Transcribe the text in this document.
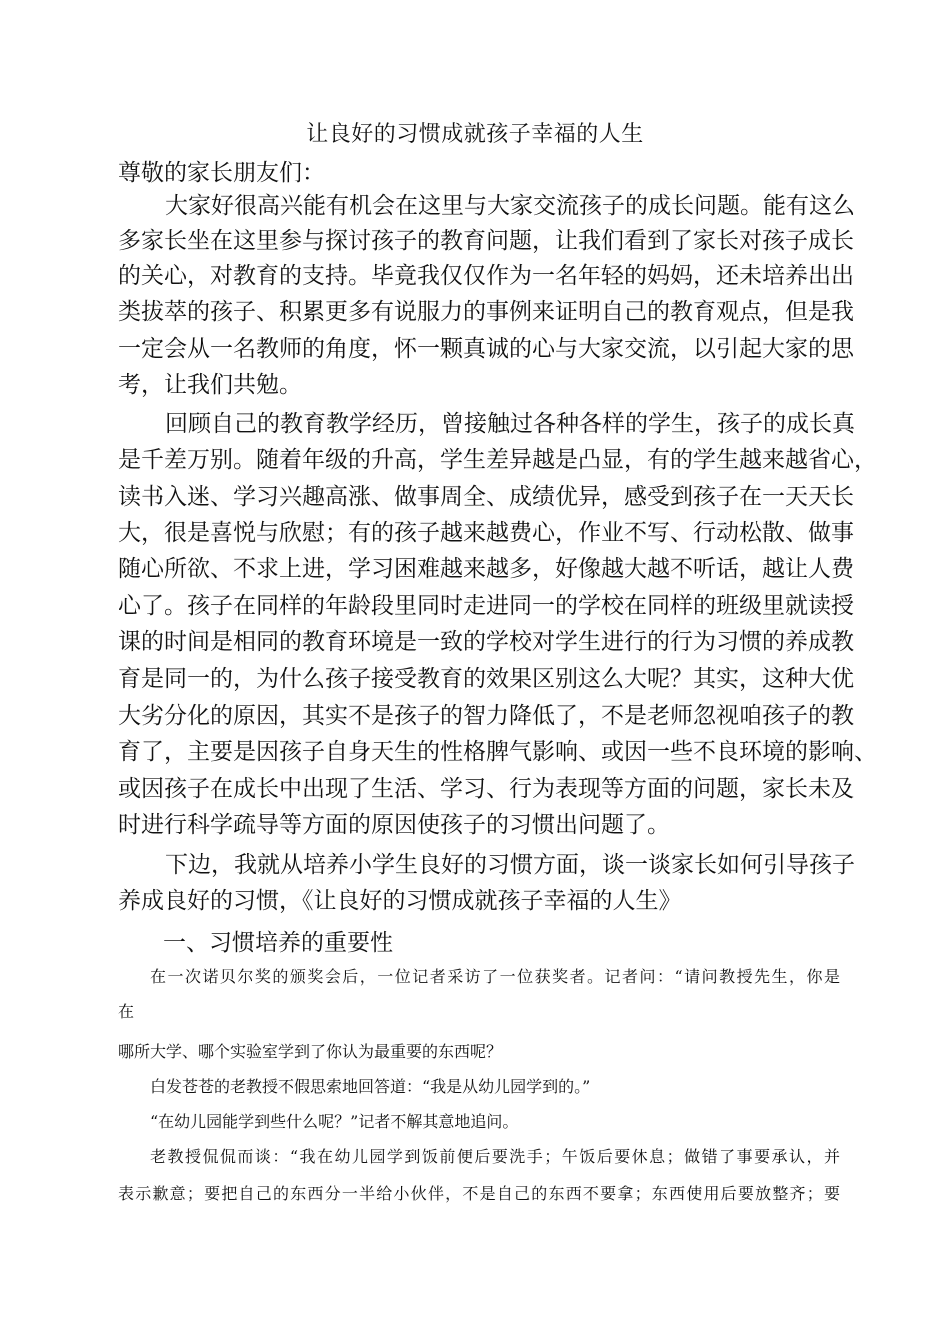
让良好的习惯成就孩子幸福的人生

尊敬的家长朋友们：

大家好很高兴能有机会在这里与大家交流孩子的成长问题。能有这么

多家长坐在这里参与探讨孩子的教育问题，让我们看到了家长对孩子成长

的关心，对教育的支持。毕竟我仅仅作为一名年轻的妈妈，还未培养出出

类拔萃的孩子、积累更多有说服力的事例来证明自己的教育观点，但是我

一定会从一名教师的角度，怀一颗真诚的心与大家交流，以引起大家的思

考，让我们共勉。

回顾自己的教育教学经历，曾接触过各种各样的学生，孩子的成长真

是千差万别。随着年级的升高，学生差异越是凸显，有的学生越来越省心，

读书入迷、学习兴趣高涨、做事周全、成绩优异，感受到孩子在一天天长

大，很是喜悦与欣慰；有的孩子越来越费心，作业不写、行动松散、做事

随心所欲、不求上进，学习困难越来越多，好像越大越不听话，越让人费

心了。孩子在同样的年龄段里同时走进同一的学校在同样的班级里就读授

课的时间是相同的教育环境是一致的学校对学生进行的行为习惯的养成教

育是同一的，为什么孩子接受教育的效果区别这么大呢？其实，这种大优

大劣分化的原因，其实不是孩子的智力降低了，不是老师忽视咱孩子的教

育了，主要是因孩子自身天生的性格脾气影响、或因一些不良环境的影响、

或因孩子在成长中出现了生活、学习、行为表现等方面的问题，家长未及

时进行科学疏导等方面的原因使孩子的习惯出问题了。

下边，我就从培养小学生良好的习惯方面，谈一谈家长如何引导孩子

养成良好的习惯，《让良好的习惯成就孩子幸福的人生》

一、习惯培养的重要性

在一次诺贝尔奖的颁奖会后，一位记者采访了一位获奖者。记者问：“请问教授先生，你是

在

哪所大学、哪个实验室学到了你认为最重要的东西呢？

白发苍苍的老教授不假思索地回答道：“我是从幼儿园学到的。”

“在幼儿园能学到些什么呢？”记者不解其意地追问。

老教授侃侃而谈：“我在幼儿园学到饭前便后要洗手；午饭后要休息；做错了事要承认，并

表示歉意；要把自己的东西分一半给小伙伴，不是自己的东西不要拿；东西使用后要放整齐；要
